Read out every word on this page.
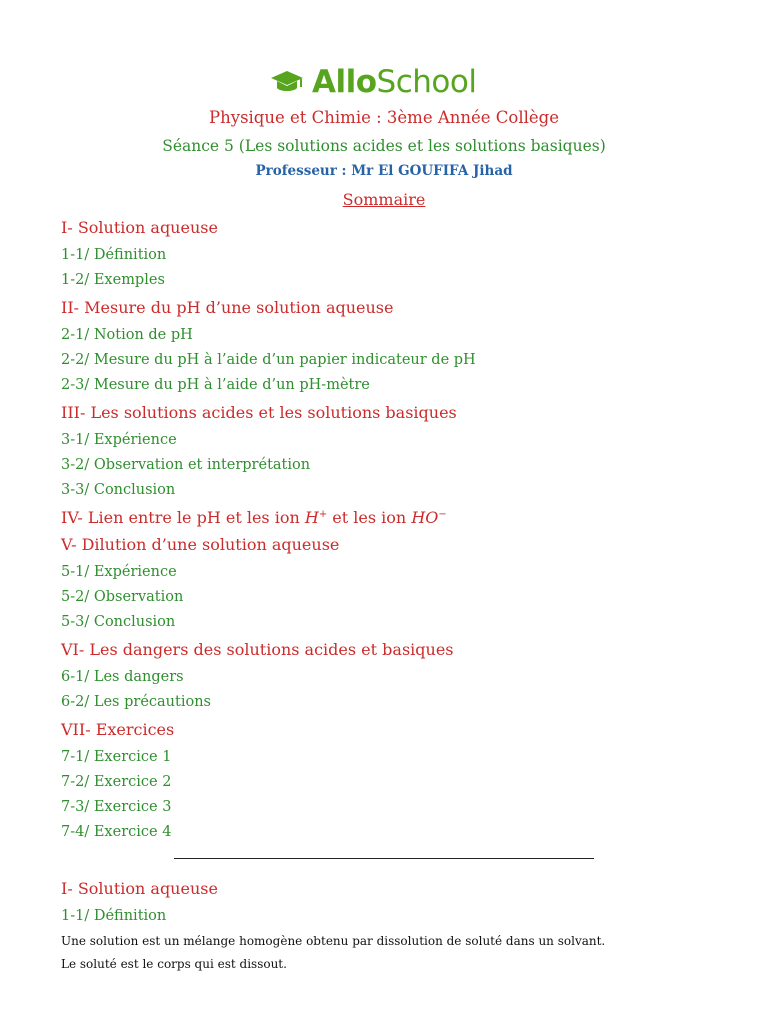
AlloSchool
Physique et Chimie : 3ème Année Collège
Séance 5 (Les solutions acides et les solutions basiques)
Professeur : Mr El GOUFIFA Jihad
Sommaire
I- Solution aqueuse
1-1/ Définition
1-2/ Exemples
II- Mesure du pH d’une solution aqueuse
2-1/ Notion de pH
2-2/ Mesure du pH à l’aide d’un papier indicateur de pH
2-3/ Mesure du pH à l’aide d’un pH-mètre
III- Les solutions acides et les solutions basiques
3-1/ Expérience
3-2/ Observation et interprétation
3-3/ Conclusion
IV- Lien entre le pH et les ion H+ et les ion HO−
V- Dilution d’une solution aqueuse
5-1/ Expérience
5-2/ Observation
5-3/ Conclusion
VI- Les dangers des solutions acides et basiques
6-1/ Les dangers
6-2/ Les précautions
VII- Exercices
7-1/ Exercice 1
7-2/ Exercice 2
7-3/ Exercice 3
7-4/ Exercice 4
I- Solution aqueuse
1-1/ Définition
Une solution est un mélange homogène obtenu par dissolution de soluté dans un solvant.
Le soluté est le corps qui est dissout.
